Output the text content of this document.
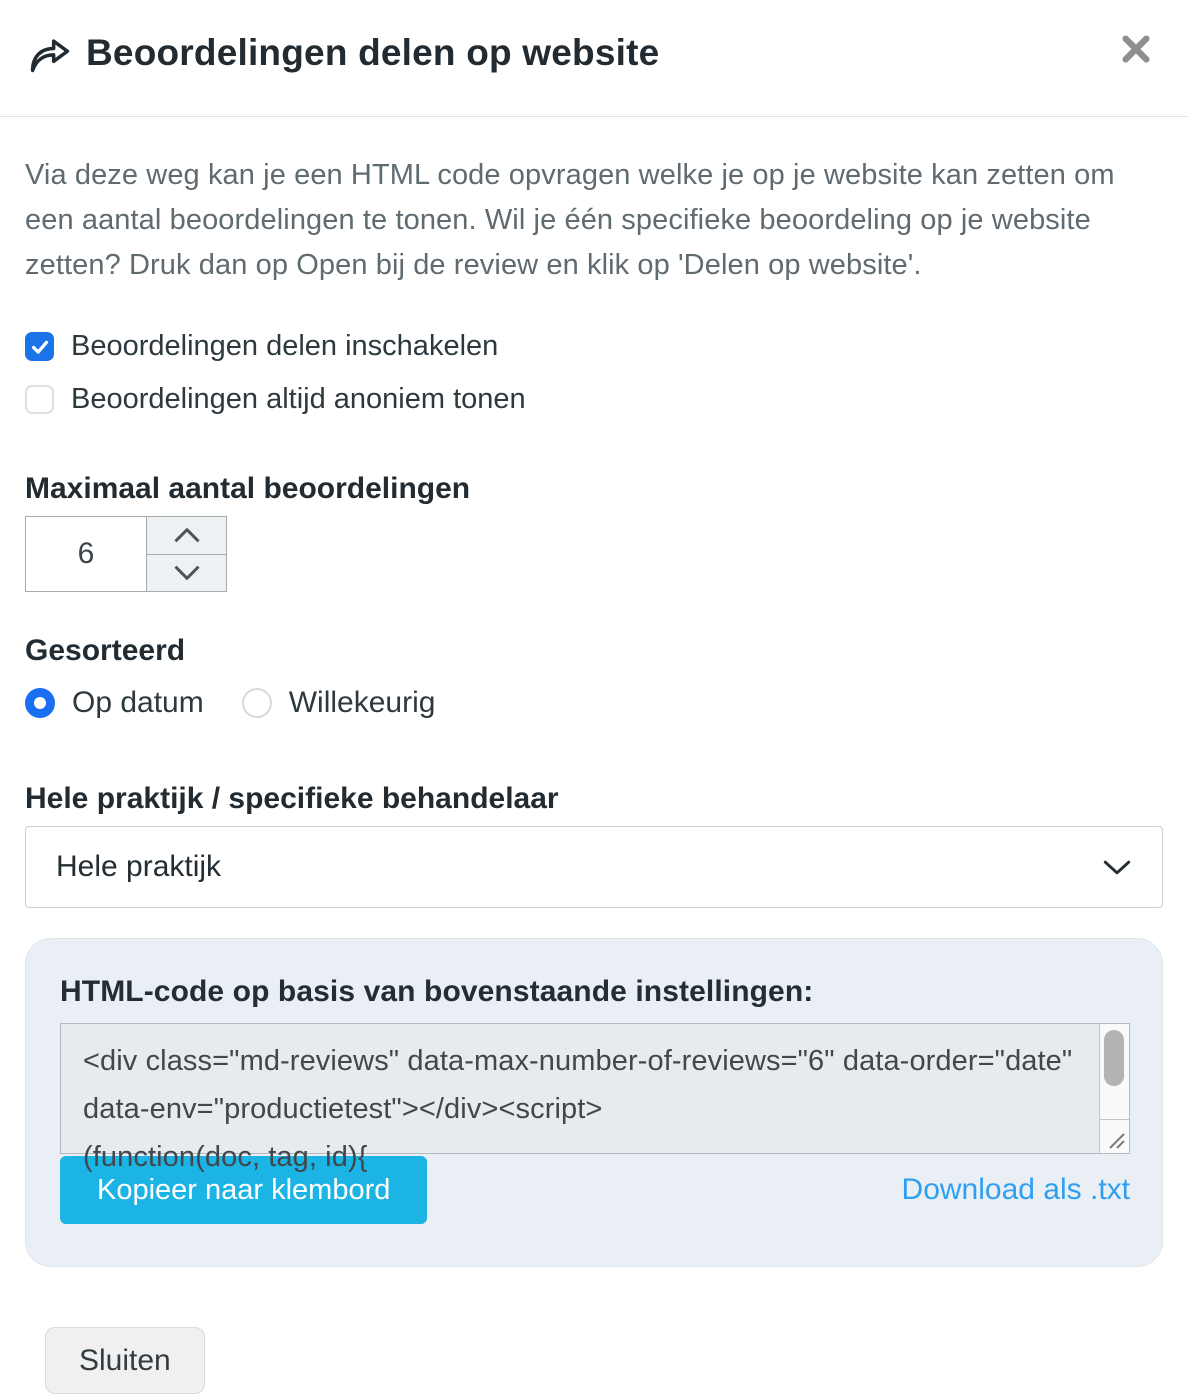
Beoordelingen delen op website

Via deze weg kan je een HTML code opvragen welke je op je website kan zetten om een aantal beoordelingen te tonen. Wil je één specifieke beoordeling op je website zetten? Druk dan op Open bij de review en klik op 'Delen op website'.

Beoordelingen delen inschakelen
Beoordelingen altijd anoniem tonen
Maximaal aantal beoordelingen
6
Gesorteerd
Op datum	Willekeurig
Hele praktijk / specifieke behandelaar
Hele praktijk
HTML-code op basis van bovenstaande instellingen:
<div class="md-reviews" data-max-number-of-reviews="6" data-order="date"
data-env="productietest"></div><script>
(function(doc, tag, id){
Kopieer naar klembord	Download als .txt
Sluiten
